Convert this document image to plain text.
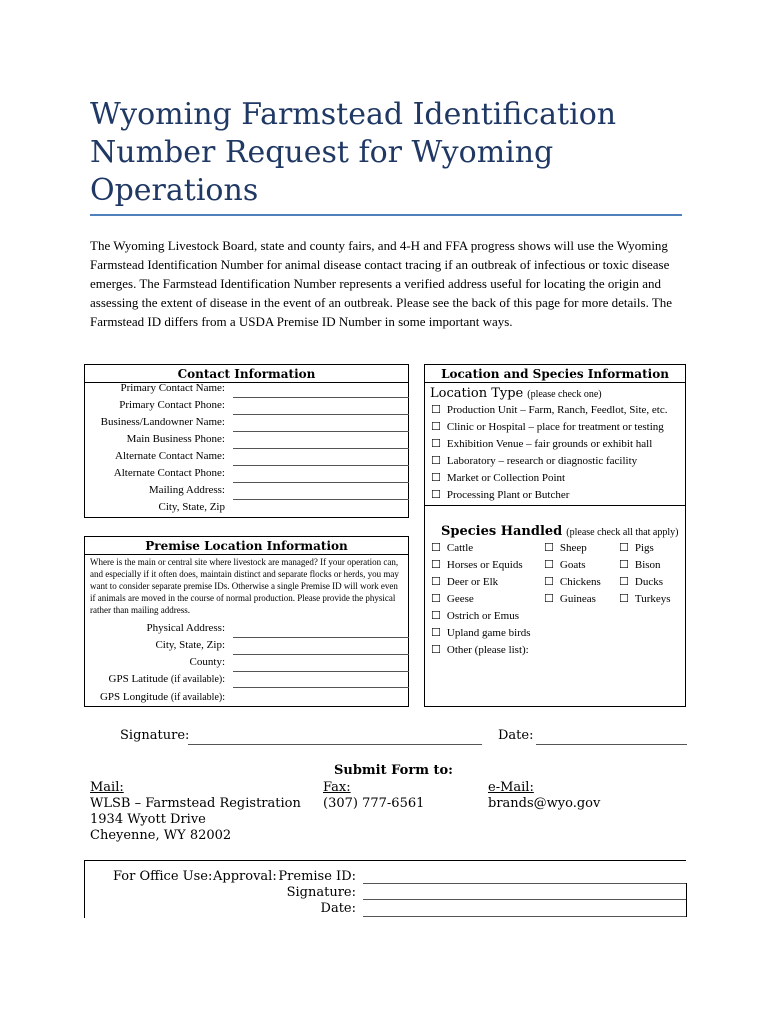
Wyoming Farmstead Identification
Number Request for Wyoming
Operations
The Wyoming Livestock Board, state and county fairs, and 4-H and FFA progress shows will use the Wyoming Farmstead Identification Number for animal disease contact tracing if an outbreak of infectious or toxic disease emerges. The Farmstead Identification Number represents a verified address useful for locating the origin and assessing the extent of disease in the event of an outbreak. Please see the back of this page for more details. The Farmstead ID differs from a USDA Premise ID Number in some important ways.
Contact Information
Primary Contact Name:
Primary Contact Phone:
Business/Landowner Name:
Main Business Phone:
Alternate Contact Name:
Alternate Contact Phone:
Mailing Address:
City, State, Zip
Location and Species Information
Location Type (please check one)
☐ Production Unit – Farm, Ranch, Feedlot, Site, etc.
☐ Clinic or Hospital – place for treatment or testing
☐ Exhibition Venue – fair grounds or exhibit hall
☐ Laboratory – research or diagnostic facility
☐ Market or Collection Point
☐ Processing Plant or Butcher
Species Handled (please check all that apply)
☐ Cattle
☐ Horses or Equids
☐ Deer or Elk
☐ Geese
☐ Ostrich or Emus
☐ Upland game birds
☐ Other (please list):
☐ Sheep
☐ Goats
☐ Chickens
☐ Guineas
☐ Pigs
☐ Bison
☐ Ducks
☐ Turkeys
Premise Location Information
Where is the main or central site where livestock are managed? If your operation can, and especially if it often does, maintain distinct and separate flocks or herds, you may want to consider separate premise IDs. Otherwise a single Premise ID will work even if animals are moved in the course of normal production. Please provide the physical rather than mailing address.
Physical Address:
City, State, Zip:
County:
GPS Latitude (if available):
GPS Longitude (if available):
Signature:	Date:
Submit Form to:
Mail:
WLSB – Farmstead Registration
1934 Wyott Drive
Cheyenne, WY 82002
Fax:
(307) 777-6561
e-Mail:
brands@wyo.gov
For Office Use: Approval: Premise ID:
Signature:
Date:
